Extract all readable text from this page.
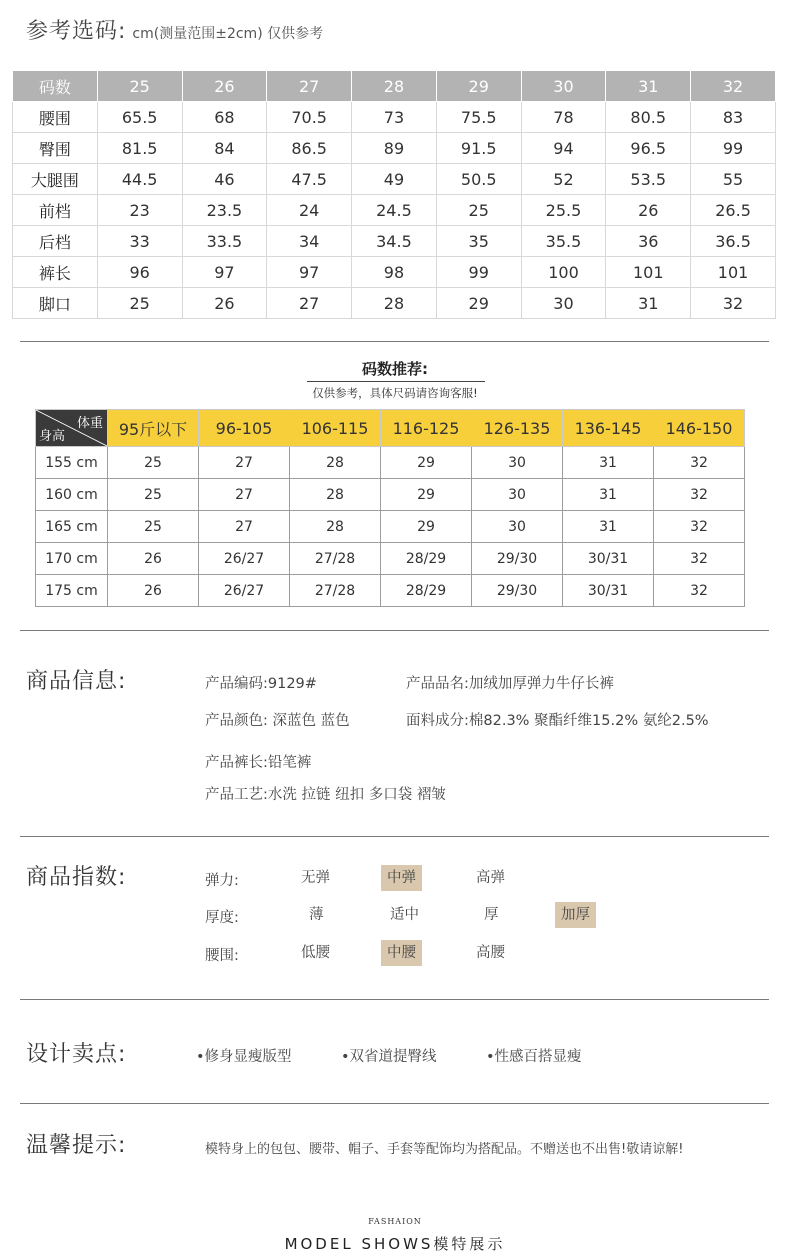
参考选码: cm(测量范围±2cm) 仅供参考
码数	25	26	27	28	29	30	31	32
腰围	65.5	68	70.5	73	75.5	78	80.5	83
臀围	81.5	84	86.5	89	91.5	94	96.5	99
大腿围	44.5	46	47.5	49	50.5	52	53.5	55
前档	23	23.5	24	24.5	25	25.5	26	26.5
后档	33	33.5	34	34.5	35	35.5	36	36.5
裤长	96	97	97	98	99	100	101	101
脚口	25	26	27	28	29	30	31	32
码数推荐:
仅供参考，具体尺码请咨询客服!
体重
身高	95斤以下	96-105	106-115	116-125	126-135	136-145	146-150
155 cm	25	27	28	29	30	31	32
160 cm	25	27	28	29	30	31	32
165 cm	25	27	28	29	30	31	32
170 cm	26	26/27	27/28	28/29	29/30	30/31	32
175 cm	26	26/27	27/28	28/29	29/30	30/31	32
商品信息:	产品编码:9129#	产品品名:加绒加厚弹力牛仔长裤
产品颜色: 深蓝色 蓝色	面料成分:棉82.3% 聚酯纤维15.2% 氨纶2.5%
产品裤长:铅笔裤
产品工艺:水洗 拉链 纽扣 多口袋 褶皱
商品指数:	弹力:	无弹	中弹	高弹
厚度:	薄	适中	厚	加厚
腰围:	低腰	中腰	高腰
设计卖点:	•修身显瘦版型	•双省道提臀线	•性感百搭显瘦
温馨提示:	模特身上的包包、腰带、帽子、手套等配饰均为搭配品。不赠送也不出售!敬请谅解!
FASHAION
MODEL SHOWS模特展示
